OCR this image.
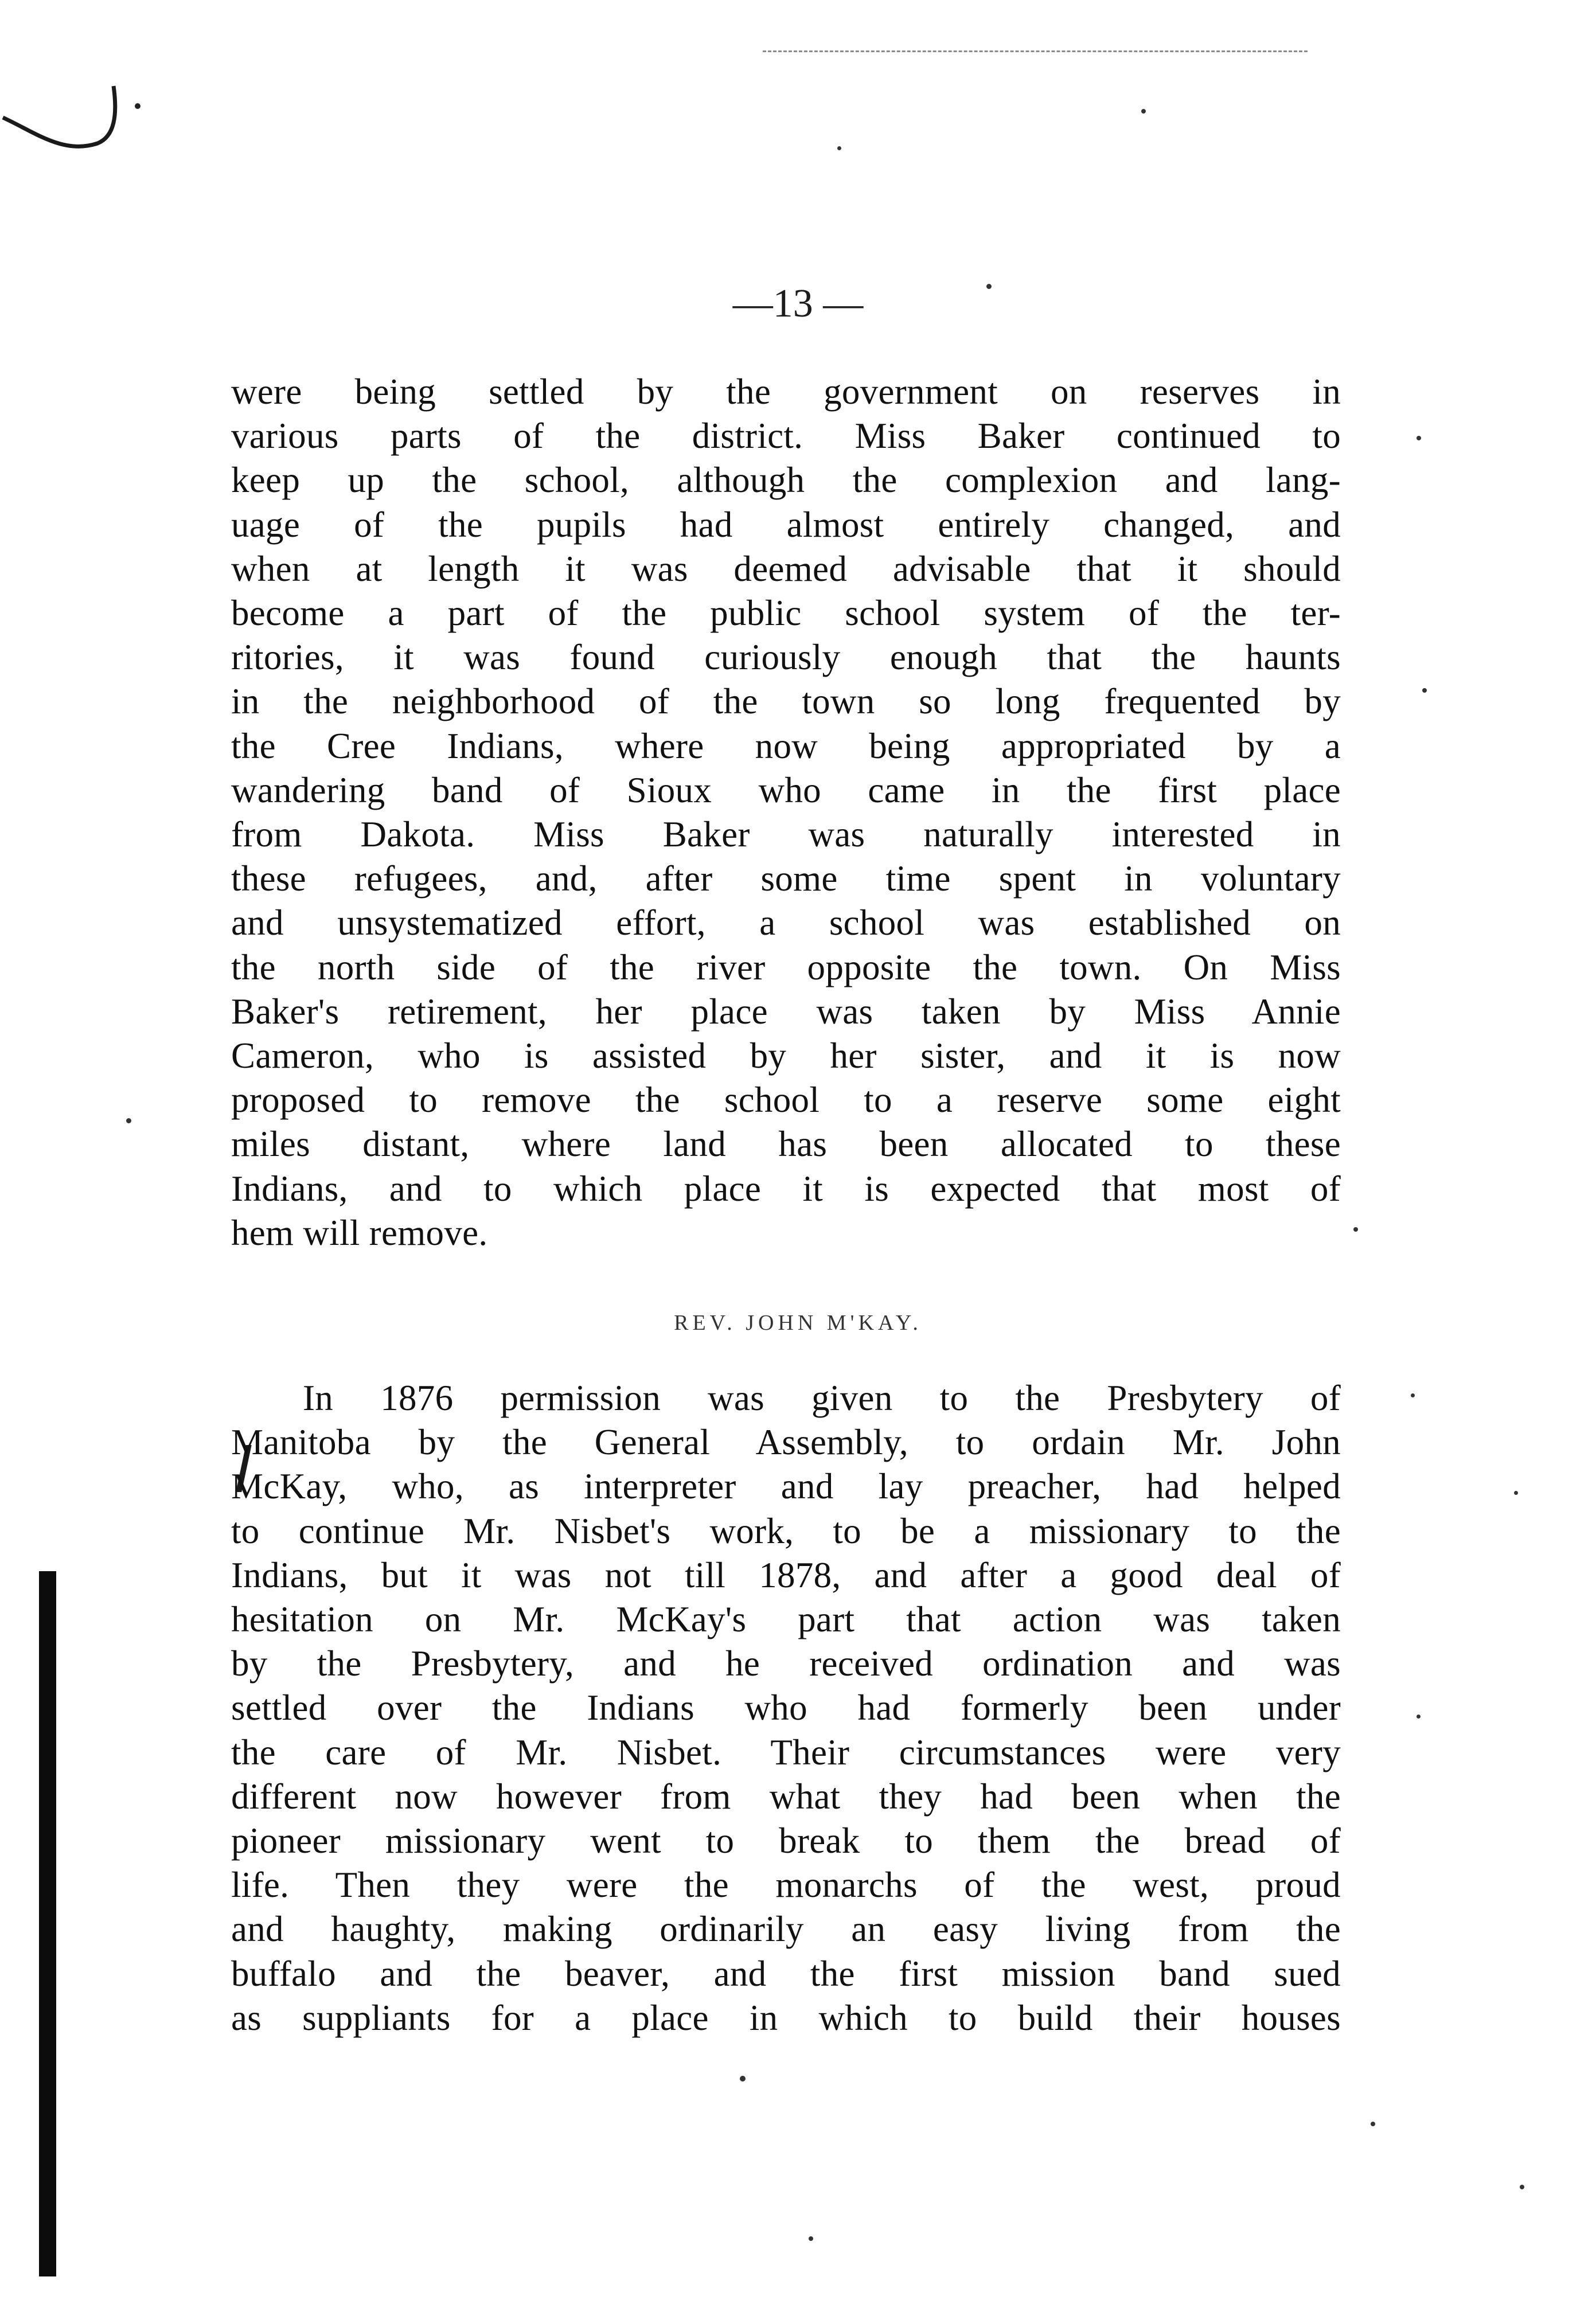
—13 —

were being settled by the government on reserves in
various parts of the district. Miss Baker continued to
keep up the school, although the complexion and lang-
uage of the pupils had almost entirely changed, and
when at length it was deemed advisable that it should
become a part of the public school system of the ter-
ritories, it was found curiously enough that the haunts
in the neighborhood of the town so long frequented by
the Cree Indians, where now being appropriated by a
wandering band of Sioux who came in the first place
from Dakota. Miss Baker was naturally interested in
these refugees, and, after some time spent in voluntary
and unsystematized effort, a school was established on
the north side of the river opposite the town. On Miss
Baker's retirement, her place was taken by Miss Annie
Cameron, who is assisted by her sister, and it is now
proposed to remove the school to a reserve some eight
miles distant, where land has been allocated to these
Indians, and to which place it is expected that most of
hem will remove.

REV. JOHN M'KAY.

In 1876 permission was given to the Presbytery of
Manitoba by the General Assembly, to ordain Mr. John
McKay, who, as interpreter and lay preacher, had helped
to continue Mr. Nisbet's work, to be a missionary to the
Indians, but it was not till 1878, and after a good deal of
hesitation on Mr. McKay's part that action was taken
by the Presbytery, and he received ordination and was
settled over the Indians who had formerly been under
the care of Mr. Nisbet. Their circumstances were very
different now however from what they had been when the
pioneer missionary went to break to them the bread of
life. Then they were the monarchs of the west, proud
and haughty, making ordinarily an easy living from the
buffalo and the beaver, and the first mission band sued
as suppliants for a place in which to build their houses
